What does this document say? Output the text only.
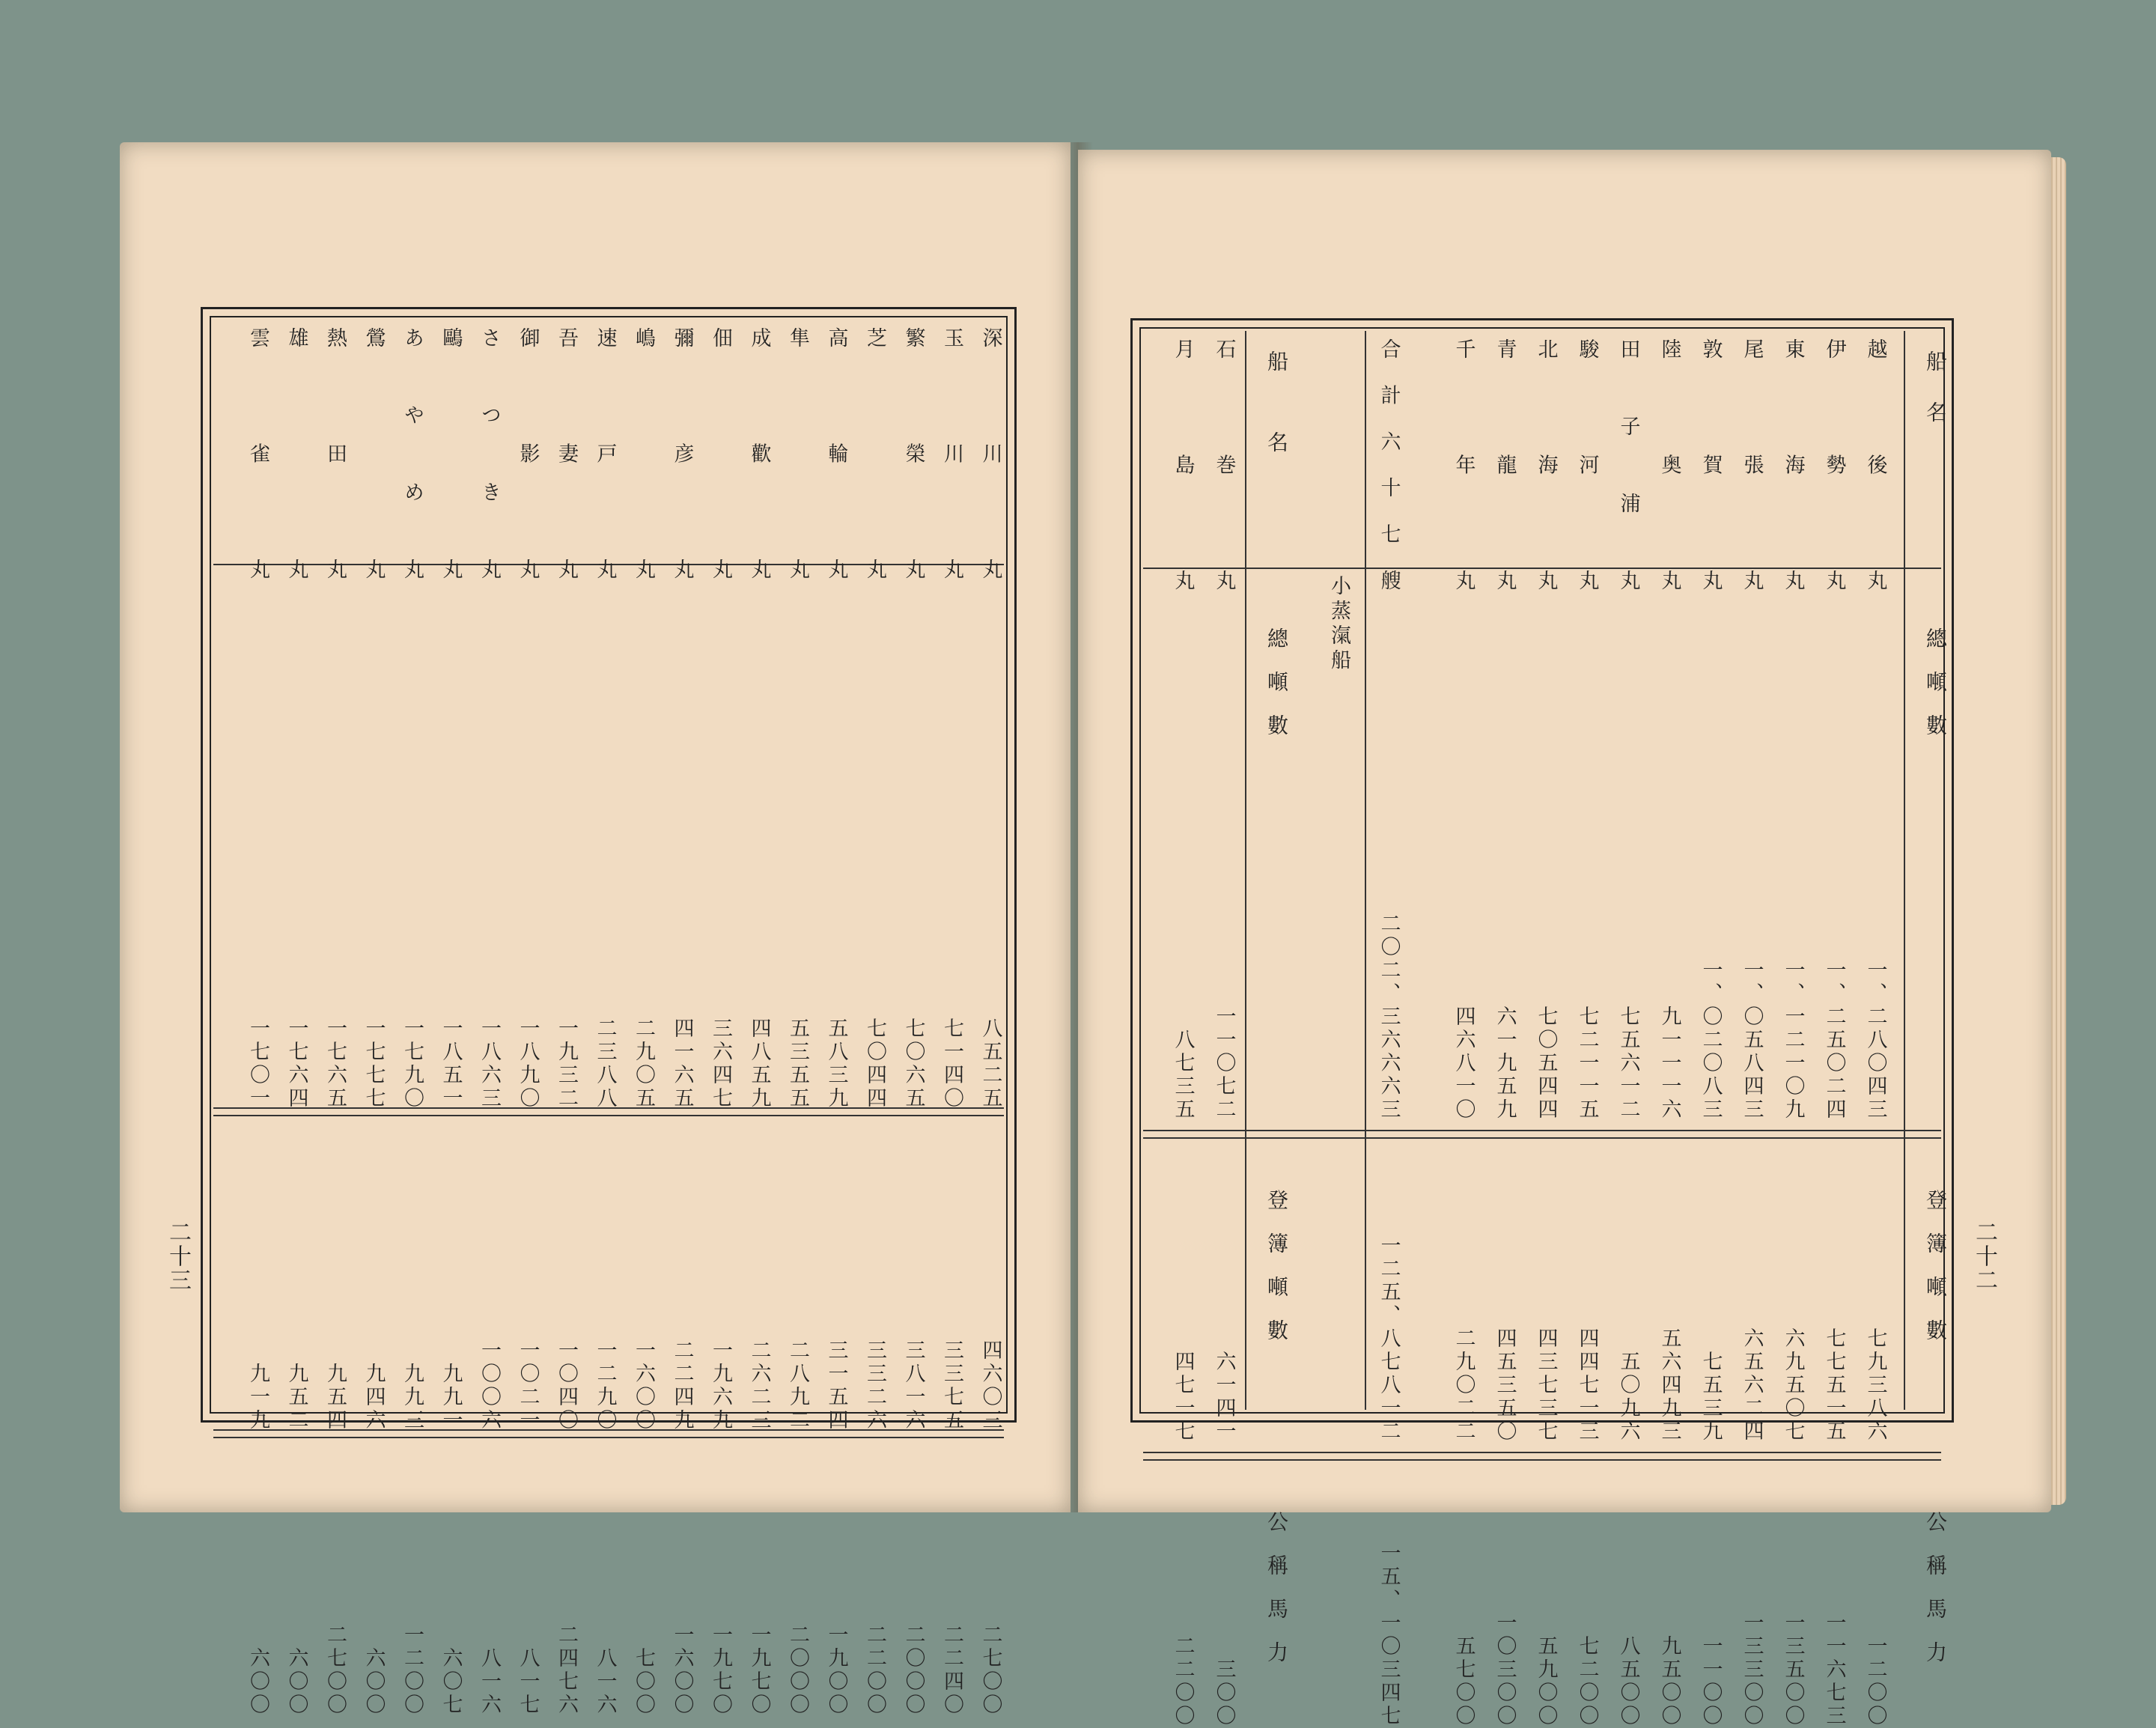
深川丸
八五二五
四六〇三
二七〇〇
玉川丸
七一四〇
三三七五
二二四〇
繁榮丸
七〇六五
三八一六
二〇〇〇
芝丸
七〇四四
三三二六
二二〇〇
高輪丸
五八三九
三一五四
一九〇〇
隼丸
五三五五
二八九二
二〇〇〇
成歡丸
四八五九
二六二三
一九七〇
佃丸
三六四七
一九六九
一九七〇
彌彦丸
四一六五
二二四九
一六〇〇
嶋丸
二九〇五
一六〇〇
七〇〇
速戸丸
二三八八
一二九〇
八一六
吾妻丸
一九三二
一〇四〇
二四七六
御影丸
一八九〇
一〇二一
八一七
さつき丸
一八六三
一〇〇六
八一六
鷗丸
一八五一
九九一
六〇七
あやめ丸
一七九〇
九九三
一二〇〇
鶯丸
一七七七
九四六
六〇〇
熱田丸
一七六五
九五四
二七〇〇
雄丸
一七六四
九五二
六〇〇
雲雀丸
一七〇一
九一九
六〇〇
二十三
船名
總噸數
登簿噸數
公稱馬力
船名
總噸數
登簿噸數
公稱馬力
小蒸滊船
越後丸
一、二八〇四三
七九三八六
一二〇〇
伊勢丸
一、二五〇二四
七七五一五
一一六七三
東海丸
一、一二一〇九
六九五〇七
一三五〇〇
尾張丸
一、〇五八四三
六五六二四
一三三〇〇
敦賀丸
一、〇二〇八三
七五三九
一一〇〇
陸奥丸
九一一一六
五六四九三
九五〇〇
田子浦丸
七五六一二
五〇九六
八五〇〇
駿河丸
七二一一五
四四七一三
七二〇〇
北海丸
七〇五四四
四三七三七
五九〇〇
青龍丸
六一九五九
四五三五〇
一〇三〇〇
千年丸
四六八一〇
二九〇二二
五七〇〇
合計六十七艘
二〇二、三六六六三
一二五、八七八一二
一五、一〇三四七
石巻丸
一一〇七二
六一四一
三〇〇
月島丸
八七三五
四七一七
二二〇〇
二十二
